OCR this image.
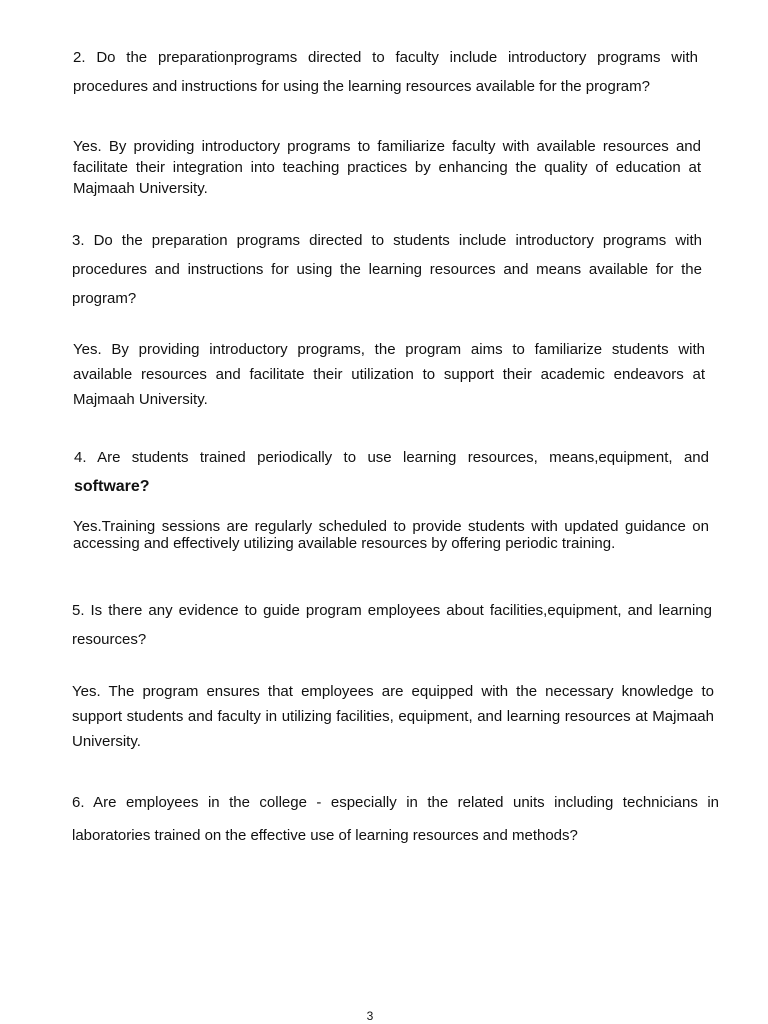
2. Do the preparationprograms directed to faculty include introductory programs with procedures and instructions for using the learning resources available for the program?

Yes. By providing introductory programs to familiarize faculty with available resources and facilitate their integration into teaching practices by enhancing the quality of education at Majmaah University.

3. Do the preparation programs directed to students include introductory programs with procedures and instructions for using the learning resources and means available for the program?

Yes. By providing introductory programs, the program aims to familiarize students with available resources and facilitate their utilization to support their academic endeavors at Majmaah University.

4. Are students trained periodically to use learning resources, means,equipment, and software?

Yes.Training sessions are regularly scheduled to provide students with updated guidance on accessing and effectively utilizing available resources by offering periodic training.

5. Is there any evidence to guide program employees about facilities,equipment, and learning resources?

Yes. The program ensures that employees are equipped with the necessary knowledge to support students and faculty in utilizing facilities, equipment, and learning resources at Majmaah University.

6. Are employees in the college - especially in the related units including technicians in laboratories trained on the effective use of learning resources and methods?

3
